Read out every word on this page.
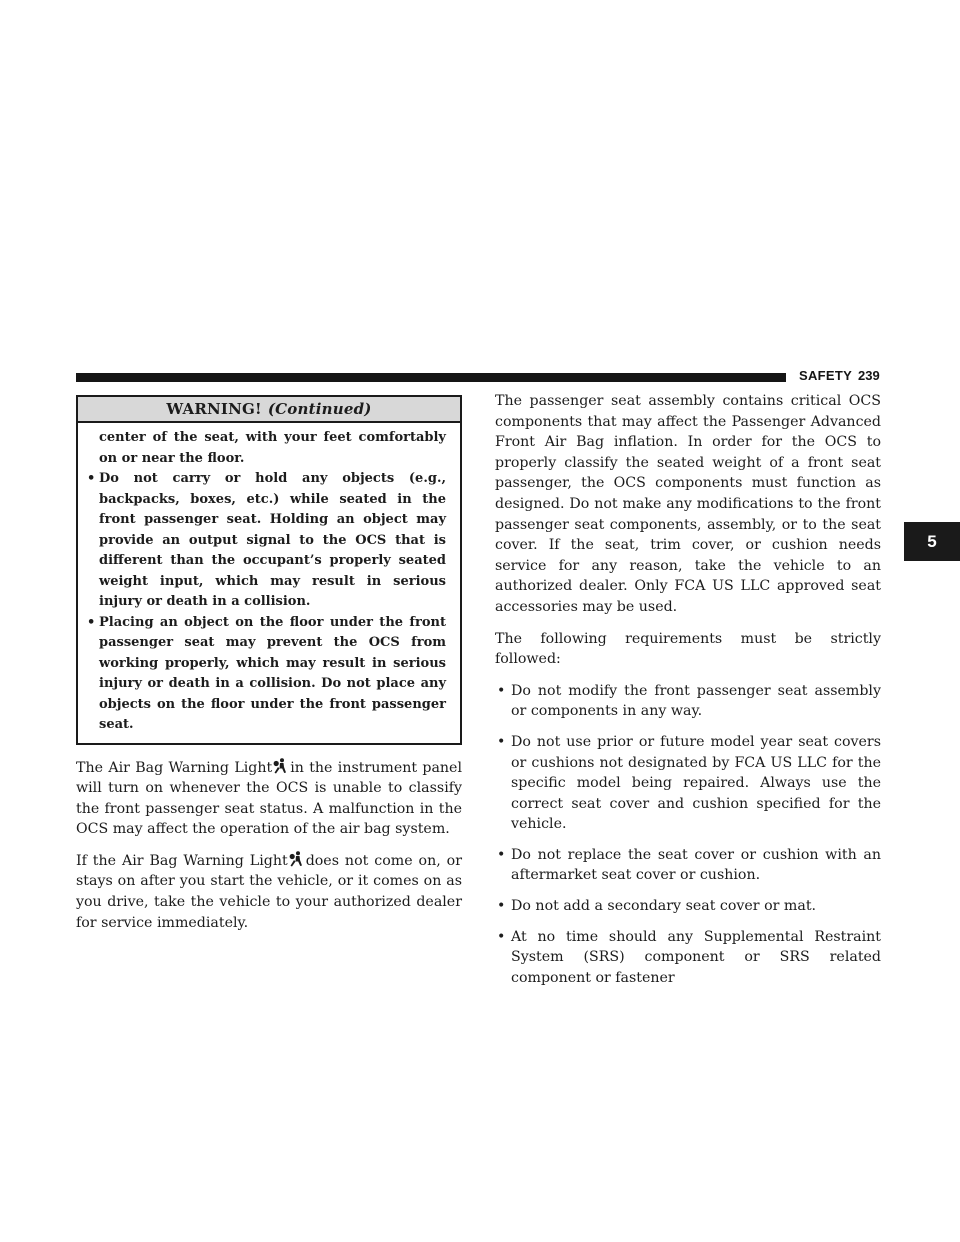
SAFETY 239
5
WARNING! (Continued)
center of the seat, with your feet comfortably on or near the floor.
• Do not carry or hold any objects (e.g., backpacks, boxes, etc.) while seated in the front passenger seat. Holding an object may provide an output signal to the OCS that is different than the occupant’s properly seated weight input, which may result in serious injury or death in a collision.
• Placing an object on the floor under the front passenger seat may prevent the OCS from working properly, which may result in serious injury or death in a collision. Do not place any objects on the floor under the front passenger seat.

The Air Bag Warning Light in the instrument panel will turn on whenever the OCS is unable to classify the front passenger seat status. A malfunction in the OCS may affect the operation of the air bag system.

If the Air Bag Warning Light does not come on, or stays on after you start the vehicle, or it comes on as you drive, take the vehicle to your authorized dealer for service immediately.

The passenger seat assembly contains critical OCS components that may affect the Passenger Advanced Front Air Bag inflation. In order for the OCS to properly classify the seated weight of a front seat passenger, the OCS components must function as designed. Do not make any modifications to the front passenger seat components, assembly, or to the seat cover. If the seat, trim cover, or cushion needs service for any reason, take the vehicle to an authorized dealer. Only FCA US LLC approved seat accessories may be used.

The following requirements must be strictly followed:

• Do not modify the front passenger seat assembly or components in any way.
• Do not use prior or future model year seat covers or cushions not designated by FCA US LLC for the specific model being repaired. Always use the correct seat cover and cushion specified for the vehicle.
• Do not replace the seat cover or cushion with an aftermarket seat cover or cushion.
• Do not add a secondary seat cover or mat.
• At no time should any Supplemental Restraint System (SRS) component or SRS related component or fastener
